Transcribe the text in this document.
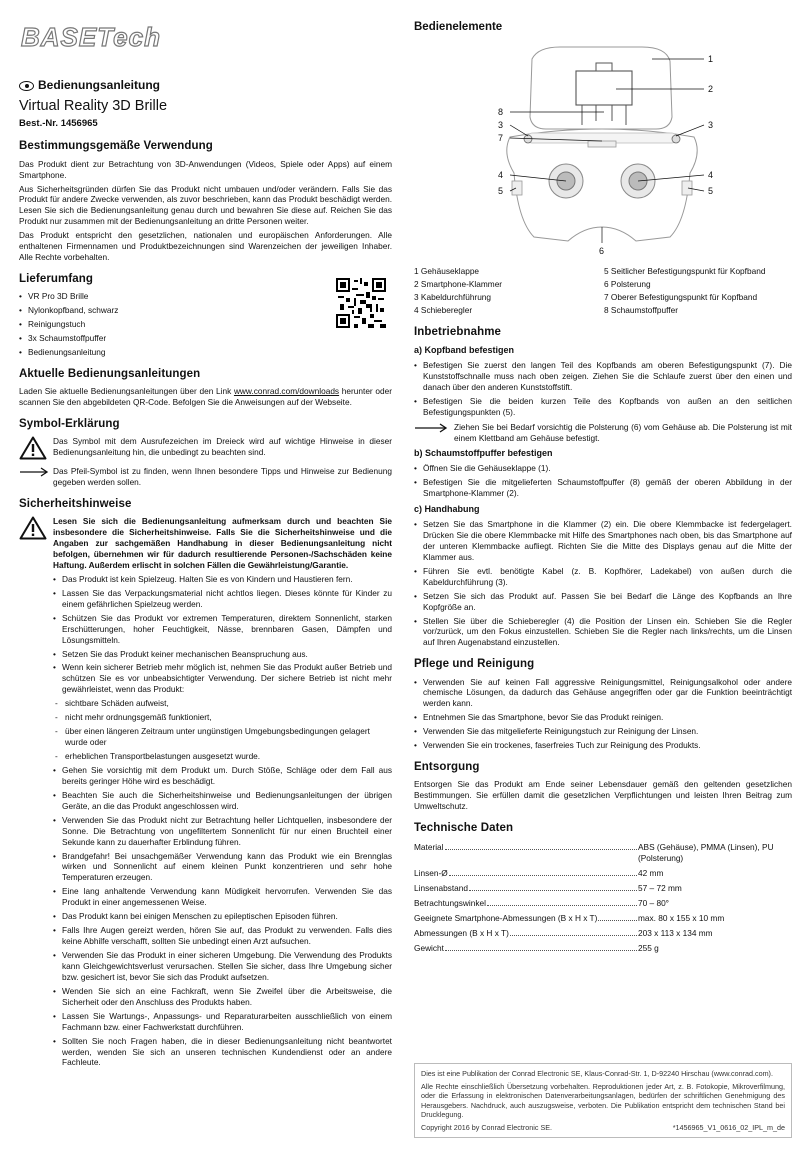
BASETech
Bedienungsanleitung
Virtual Reality 3D Brille
Best.-Nr. 1456965
Bestimmungsgemäße Verwendung

Das Produkt dient zur Betrachtung von 3D-Anwendungen (Videos, Spiele oder Apps) auf einem Smartphone.

Aus Sicherheitsgründen dürfen Sie das Produkt nicht umbauen und/oder verändern. Falls Sie das Produkt für andere Zwecke verwenden, als zuvor beschrieben, kann das Produkt beschädigt werden. Lesen Sie sich die Bedienungsanleitung genau durch und bewahren Sie diese auf. Reichen Sie das Produkt nur zusammen mit der Bedienungsanleitung an dritte Personen weiter.

Das Produkt entspricht den gesetzlichen, nationalen und europäischen Anforderungen. Alle enthaltenen Firmennamen und Produktbezeichnungen sind Warenzeichen der jeweiligen Inhaber. Alle Rechte vorbehalten.

Lieferumfang
• VR Pro 3D Brille
• Nylonkopfband, schwarz
• Reinigungstuch
• 3x Schaumstoffpuffer
• Bedienungsanleitung
Aktuelle Bedienungsanleitungen

Laden Sie aktuelle Bedienungsanleitungen über den Link www.conrad.com/downloads herunter oder scannen Sie den abgebildeten QR-Code. Befolgen Sie die Anweisungen auf der Webseite.

Symbol-Erklärung
Das Symbol mit dem Ausrufezeichen im Dreieck wird auf wichtige Hinweise in dieser Bedienungsanleitung hin, die unbedingt zu beachten sind.
Das Pfeil-Symbol ist zu finden, wenn Ihnen besondere Tipps und Hinweise zur Bedienung gegeben werden sollen.
Sicherheitshinweise
Lesen Sie sich die Bedienungsanleitung aufmerksam durch und beachten Sie insbesondere die Sicherheitshinweise. Falls Sie die Sicherheitshinweise und die Angaben zur sachgemäßen Handhabung in dieser Bedienungsanleitung nicht befolgen, übernehmen wir für dadurch resultierende Personen-/Sachschäden keine Haftung. Außerdem erlischt in solchen Fällen die Gewährleistung/Garantie.
• Das Produkt ist kein Spielzeug. Halten Sie es von Kindern und Haustieren fern.
• Lassen Sie das Verpackungsmaterial nicht achtlos liegen. Dieses könnte für Kinder zu einem gefährlichen Spielzeug werden.
• Schützen Sie das Produkt vor extremen Temperaturen, direktem Sonnenlicht, starken Erschütterungen, hoher Feuchtigkeit, Nässe, brennbaren Gasen, Dämpfen und Lösungsmitteln.
• Setzen Sie das Produkt keiner mechanischen Beanspruchung aus.
• Wenn kein sicherer Betrieb mehr möglich ist, nehmen Sie das Produkt außer Betrieb und schützen Sie es vor unbeabsichtigter Verwendung. Der sichere Betrieb ist nicht mehr gewährleistet, wenn das Produkt:
- sichtbare Schäden aufweist,
- nicht mehr ordnungsgemäß funktioniert,
- über einen längeren Zeitraum unter ungünstigen Umgebungsbedingungen gelagert wurde oder
- erheblichen Transportbelastungen ausgesetzt wurde.
• Gehen Sie vorsichtig mit dem Produkt um. Durch Stöße, Schläge oder dem Fall aus bereits geringer Höhe wird es beschädigt.
• Beachten Sie auch die Sicherheitshinweise und Bedienungsanleitungen der übrigen Geräte, an die das Produkt angeschlossen wird.
• Verwenden Sie das Produkt nicht zur Betrachtung heller Lichtquellen, insbesondere der Sonne. Die Betrachtung von ungefiltertem Sonnenlicht für nur einen Bruchteil einer Sekunde kann zu dauerhafter Erblindung führen.
• Brandgefahr! Bei unsachgemäßer Verwendung kann das Produkt wie ein Brennglas wirken und Sonnenlicht auf einem kleinen Punkt konzentrieren und sehr hohe Temperaturen erzeugen.
• Eine lang anhaltende Verwendung kann Müdigkeit hervorrufen. Verwenden Sie das Produkt in einer angemessenen Weise.
• Das Produkt kann bei einigen Menschen zu epileptischen Episoden führen.
• Falls Ihre Augen gereizt werden, hören Sie auf, das Produkt zu verwenden. Falls dies keine Abhilfe verschafft, sollten Sie unbedingt einen Arzt aufsuchen.
• Verwenden Sie das Produkt in einer sicheren Umgebung. Die Verwendung des Produkts kann Gleichgewichtsverlust verursachen. Stellen Sie sicher, dass Ihre Umgebung sicher bzw. gesichert ist, bevor Sie sich das Produkt aufsetzen.
• Wenden Sie sich an eine Fachkraft, wenn Sie Zweifel über die Arbeitsweise, die Sicherheit oder den Anschluss des Produkts haben.
• Lassen Sie Wartungs-, Anpassungs- und Reparaturarbeiten ausschließlich von einem Fachmann bzw. einer Fachwerkstatt durchführen.
• Sollten Sie noch Fragen haben, die in dieser Bedienungsanleitung nicht beantwortet werden, wenden Sie sich an unseren technischen Kundendienst oder an andere Fachleute.
Bedienelemente
1
2
8
3	3
7
4	4
5	5
6
1 Gehäuseklappe	5 Seitlicher Befestigungspunkt für Kopfband
2 Smartphone-Klammer	6 Polsterung
3 Kabeldurchführung	7 Oberer Befestigungspunkt für Kopfband
4 Schieberegler	8 Schaumstoffpuffer
Inbetriebnahme
a) Kopfband befestigen
• Befestigen Sie zuerst den langen Teil des Kopfbands am oberen Befestigungspunkt (7). Die Kunststoffschnalle muss nach oben zeigen. Ziehen Sie die Schlaufe zuerst über den einen und danach über den anderen Kunststoffstift.
• Befestigen Sie die beiden kurzen Teile des Kopfbands von außen an den seitlichen Befestigungspunkten (5).
Ziehen Sie bei Bedarf vorsichtig die Polsterung (6) vom Gehäuse ab. Die Polsterung ist mit einem Klettband am Gehäuse befestigt.
b) Schaumstoffpuffer befestigen
• Öffnen Sie die Gehäuseklappe (1).
• Befestigen Sie die mitgelieferten Schaumstoffpuffer (8) gemäß der oberen Abbildung in der Smartphone-Klammer (2).
c) Handhabung
• Setzen Sie das Smartphone in die Klammer (2) ein. Die obere Klemmbacke ist federgelagert. Drücken Sie die obere Klemmbacke mit Hilfe des Smartphones nach oben, bis das Smartphone auf der unteren Klemmbacke aufliegt. Richten Sie die Mitte des Displays genau auf die Mitte der Klammer aus.
• Führen Sie evtl. benötigte Kabel (z. B. Kopfhörer, Ladekabel) von außen durch die Kabeldurchführung (3).
• Setzen Sie sich das Produkt auf. Passen Sie bei Bedarf die Länge des Kopfbands an Ihre Kopfgröße an.
• Stellen Sie über die Schieberegler (4) die Position der Linsen ein. Schieben Sie die Regler vor/zurück, um den Fokus einzustellen. Schieben Sie die Regler nach links/rechts, um die Linsen auf Ihren Augenabstand einzustellen.
Pflege und Reinigung
• Verwenden Sie auf keinen Fall aggressive Reinigungsmittel, Reinigungsalkohol oder andere chemische Lösungen, da dadurch das Gehäuse angegriffen oder gar die Funktion beeinträchtigt werden kann.
• Entnehmen Sie das Smartphone, bevor Sie das Produkt reinigen.
• Verwenden Sie das mitgelieferte Reinigungstuch zur Reinigung der Linsen.
• Verwenden Sie ein trockenes, faserfreies Tuch zur Reinigung des Produkts.
Entsorgung

Entsorgen Sie das Produkt am Ende seiner Lebensdauer gemäß den geltenden gesetzlichen Bestimmungen. Sie erfüllen damit die gesetzlichen Verpflichtungen und leisten Ihren Beitrag zum Umweltschutz.

Technische Daten
Material	ABS (Gehäuse), PMMA (Linsen), PU (Polsterung)

Linsen-Ø	42 mm

Linsenabstand	57 – 72 mm

Betrachtungswinkel	70 – 80°

Geeignete Smartphone-Abmessungen (B x H x T)	max. 80 x 155 x 10 mm

Abmessungen (B x H x T)	203 x 113 x 134 mm

Gewicht	255 g

Dies ist eine Publikation der Conrad Electronic SE, Klaus-Conrad-Str. 1, D-92240 Hirschau (www.conrad.com).

Alle Rechte einschließlich Übersetzung vorbehalten. Reproduktionen jeder Art, z. B. Fotokopie, Mikroverfilmung, oder die Erfassung in elektronischen Datenverarbeitungsanlagen, bedürfen der schriftlichen Genehmigung des Herausgebers. Nachdruck, auch auszugsweise, verboten. Die Publikation entspricht dem technischen Stand bei Drucklegung.

Copyright 2016 by Conrad Electronic SE.	*1456965_V1_0616_02_IPL_m_de
